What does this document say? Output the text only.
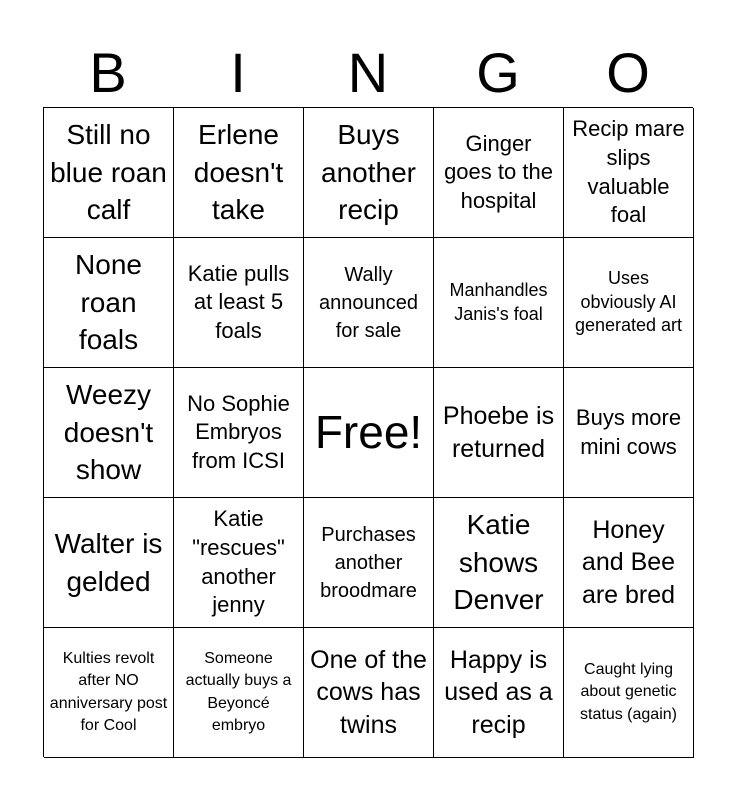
B	I	N	G	O
Still no blue roan calf
Erlene doesn't take
Buys another recip
Ginger goes to the hospital
Recip mare slips valuable foal
None roan foals
Katie pulls at least 5 foals
Wally announced for sale
Manhandles Janis's foal
Uses obviously AI generated art
Weezy doesn't show
No Sophie Embryos from ICSI
Free! Phoebe is returned
Buys more mini cows
Walter is gelded
Katie "rescues" another jenny
Purchases another broodmare
Katie shows Denver
Honey and Bee are bred
Kulties revolt after NO anniversary post for Cool
Someone actually buys a Beyoncé embryo
One of the cows has twins
Happy is used as a recip
Caught lying about genetic status (again)
